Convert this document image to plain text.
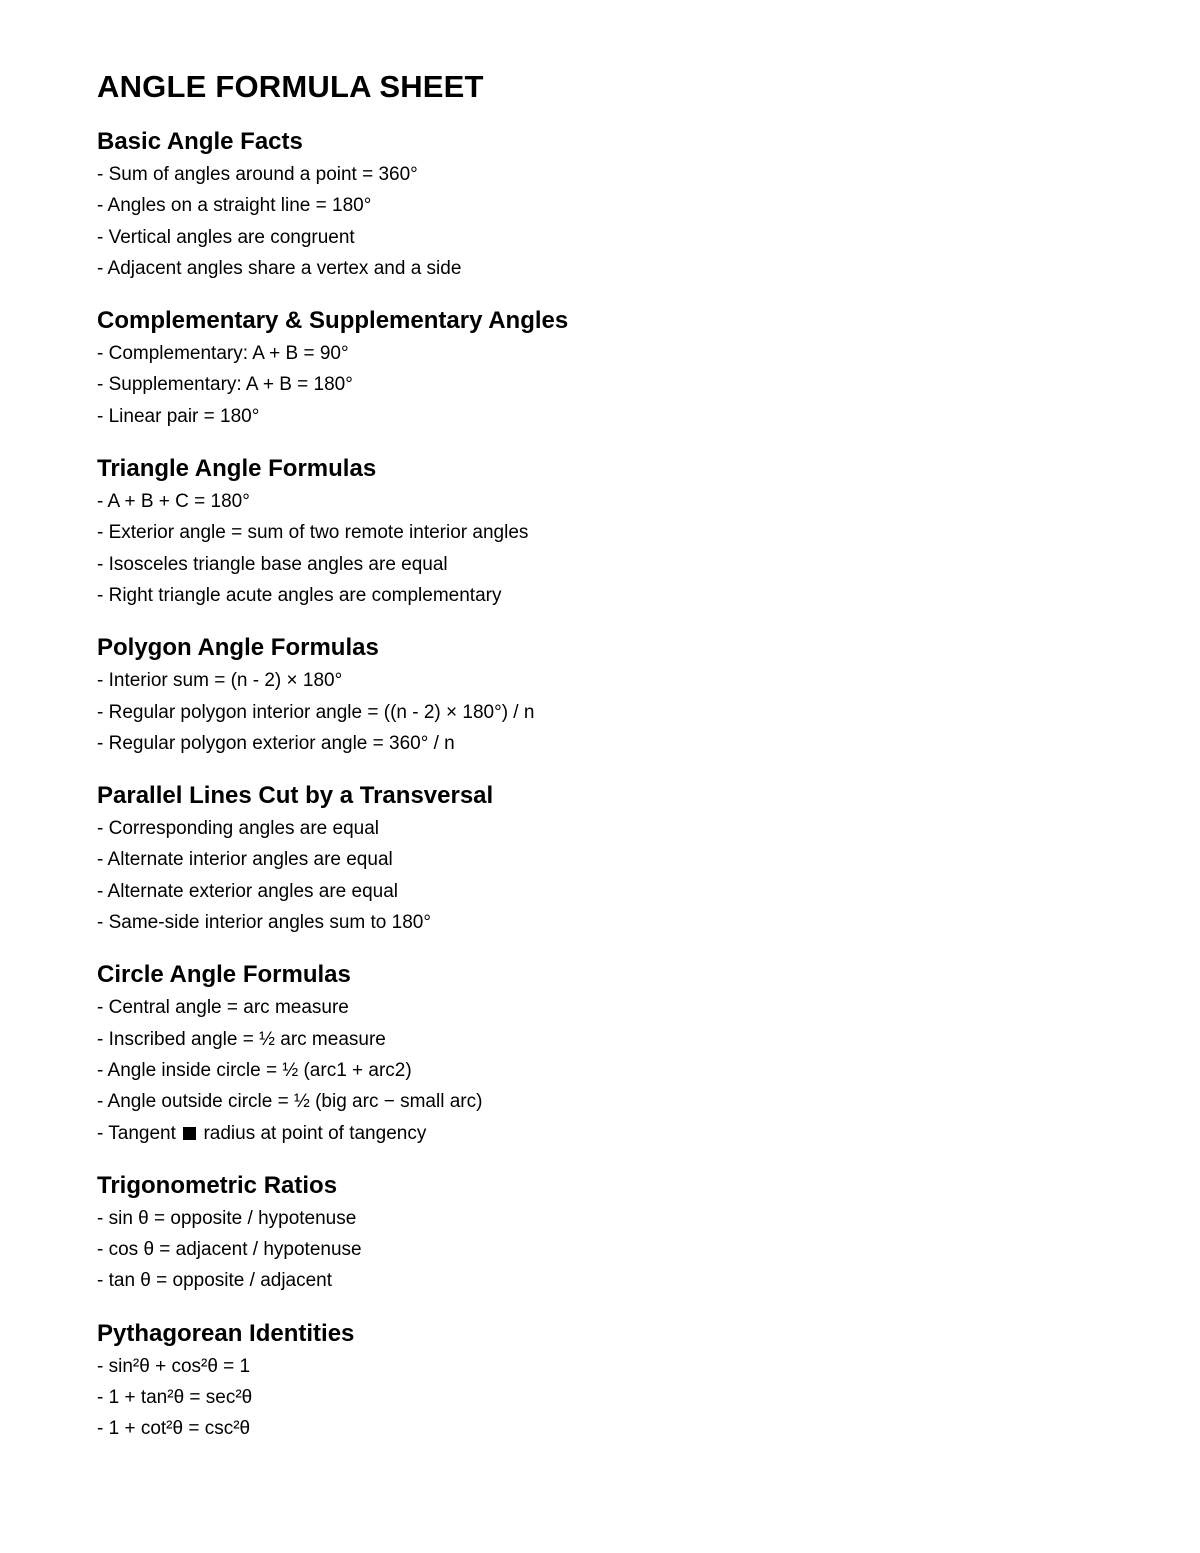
ANGLE FORMULA SHEET
Basic Angle Facts
- Sum of angles around a point = 360°
- Angles on a straight line = 180°
- Vertical angles are congruent
- Adjacent angles share a vertex and a side
Complementary & Supplementary Angles
- Complementary: A + B = 90°
- Supplementary: A + B = 180°
- Linear pair = 180°
Triangle Angle Formulas
- A + B + C = 180°
- Exterior angle = sum of two remote interior angles
- Isosceles triangle base angles are equal
- Right triangle acute angles are complementary
Polygon Angle Formulas
- Interior sum = (n - 2) × 180°
- Regular polygon interior angle = ((n - 2) × 180°) / n
- Regular polygon exterior angle = 360° / n
Parallel Lines Cut by a Transversal
- Corresponding angles are equal
- Alternate interior angles are equal
- Alternate exterior angles are equal
- Same-side interior angles sum to 180°
Circle Angle Formulas
- Central angle = arc measure
- Inscribed angle = ½ arc measure
- Angle inside circle = ½ (arc1 + arc2)
- Angle outside circle = ½ (big arc − small arc)
- Tangent radius at point of tangency
Trigonometric Ratios
- sin θ = opposite / hypotenuse
- cos θ = adjacent / hypotenuse
- tan θ = opposite / adjacent
Pythagorean Identities
- sin²θ + cos²θ = 1
- 1 + tan²θ = sec²θ
- 1 + cot²θ = csc²θ
